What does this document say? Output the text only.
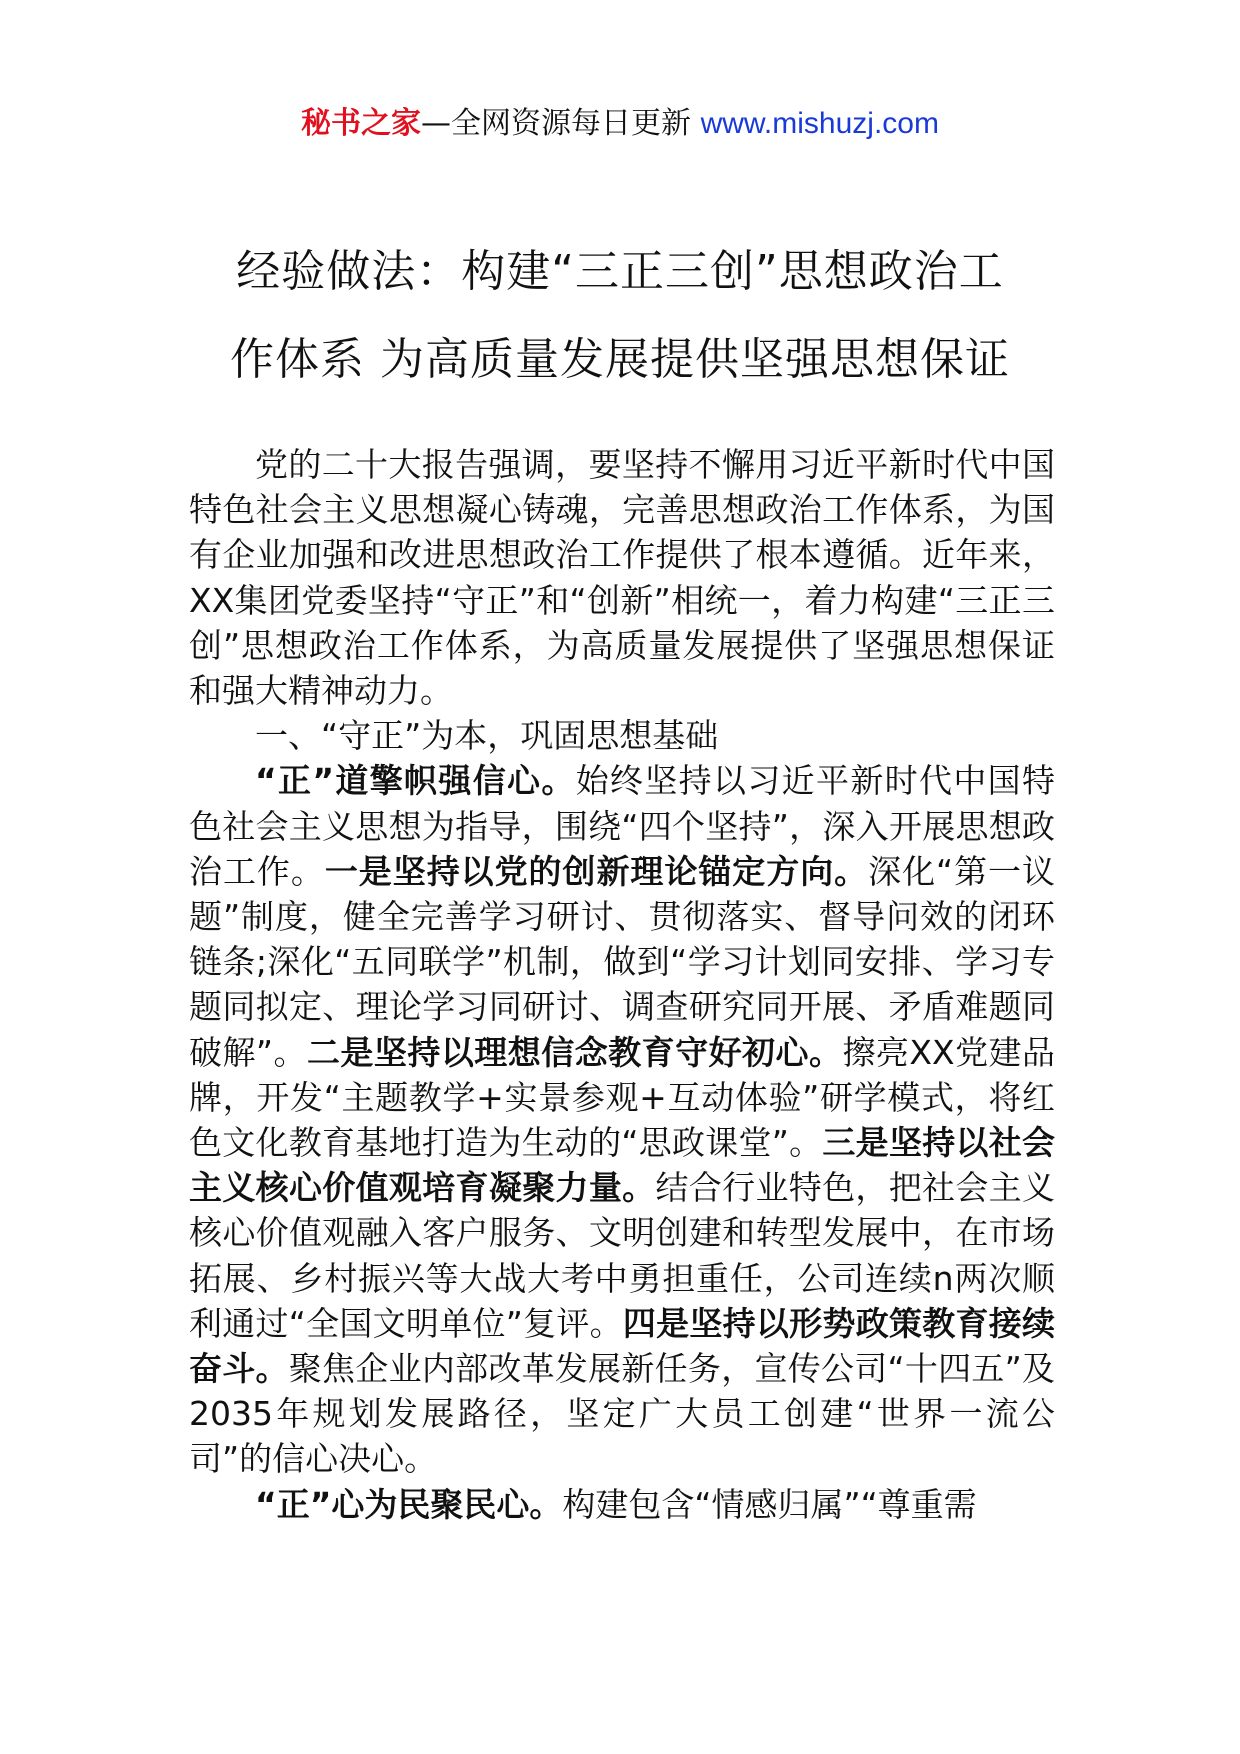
秘书之家—全网资源每日更新 www.mishuzj.com
经验做法：构建“三正三创”思想政治工
作体系 为高质量发展提供坚强思想保证

党的二十大报告强调，要坚持不懈用习近平新时代中国特色社会主义思想凝心铸魂，完善思想政治工作体系，为国有企业加强和改进思想政治工作提供了根本遵循。近年来，XX集团党委坚持“守正”和“创新”相统一，着力构建“三正三创”思想政治工作体系，为高质量发展提供了坚强思想保证和强大精神动力。

一、“守正”为本，巩固思想基础

“正”道擎帜强信心。始终坚持以习近平新时代中国特色社会主义思想为指导，围绕“四个坚持”，深入开展思想政治工作。一是坚持以党的创新理论锚定方向。深化“第一议题”制度，健全完善学习研讨、贯彻落实、督导问效的闭环链条;深化“五同联学”机制，做到“学习计划同安排、学习专题同拟定、理论学习同研讨、调查研究同开展、矛盾难题同破解”。二是坚持以理想信念教育守好初心。擦亮XX党建品牌，开发“主题教学+实景参观+互动体验”研学模式，将红色文化教育基地打造为生动的“思政课堂”。三是坚持以社会主义核心价值观培育凝聚力量。结合行业特色，把社会主义核心价值观融入客户服务、文明创建和转型发展中，在市场拓展、乡村振兴等大战大考中勇担重任，公司连续n两次顺利通过“全国文明单位”复评。四是坚持以形势政策教育接续奋斗。聚焦企业内部改革发展新任务，宣传公司“十四五”及2035年规划发展路径，坚定广大员工创建“世界一流公司”的信心决心。

“正”心为民聚民心。构建包含“情感归属”“尊重需
